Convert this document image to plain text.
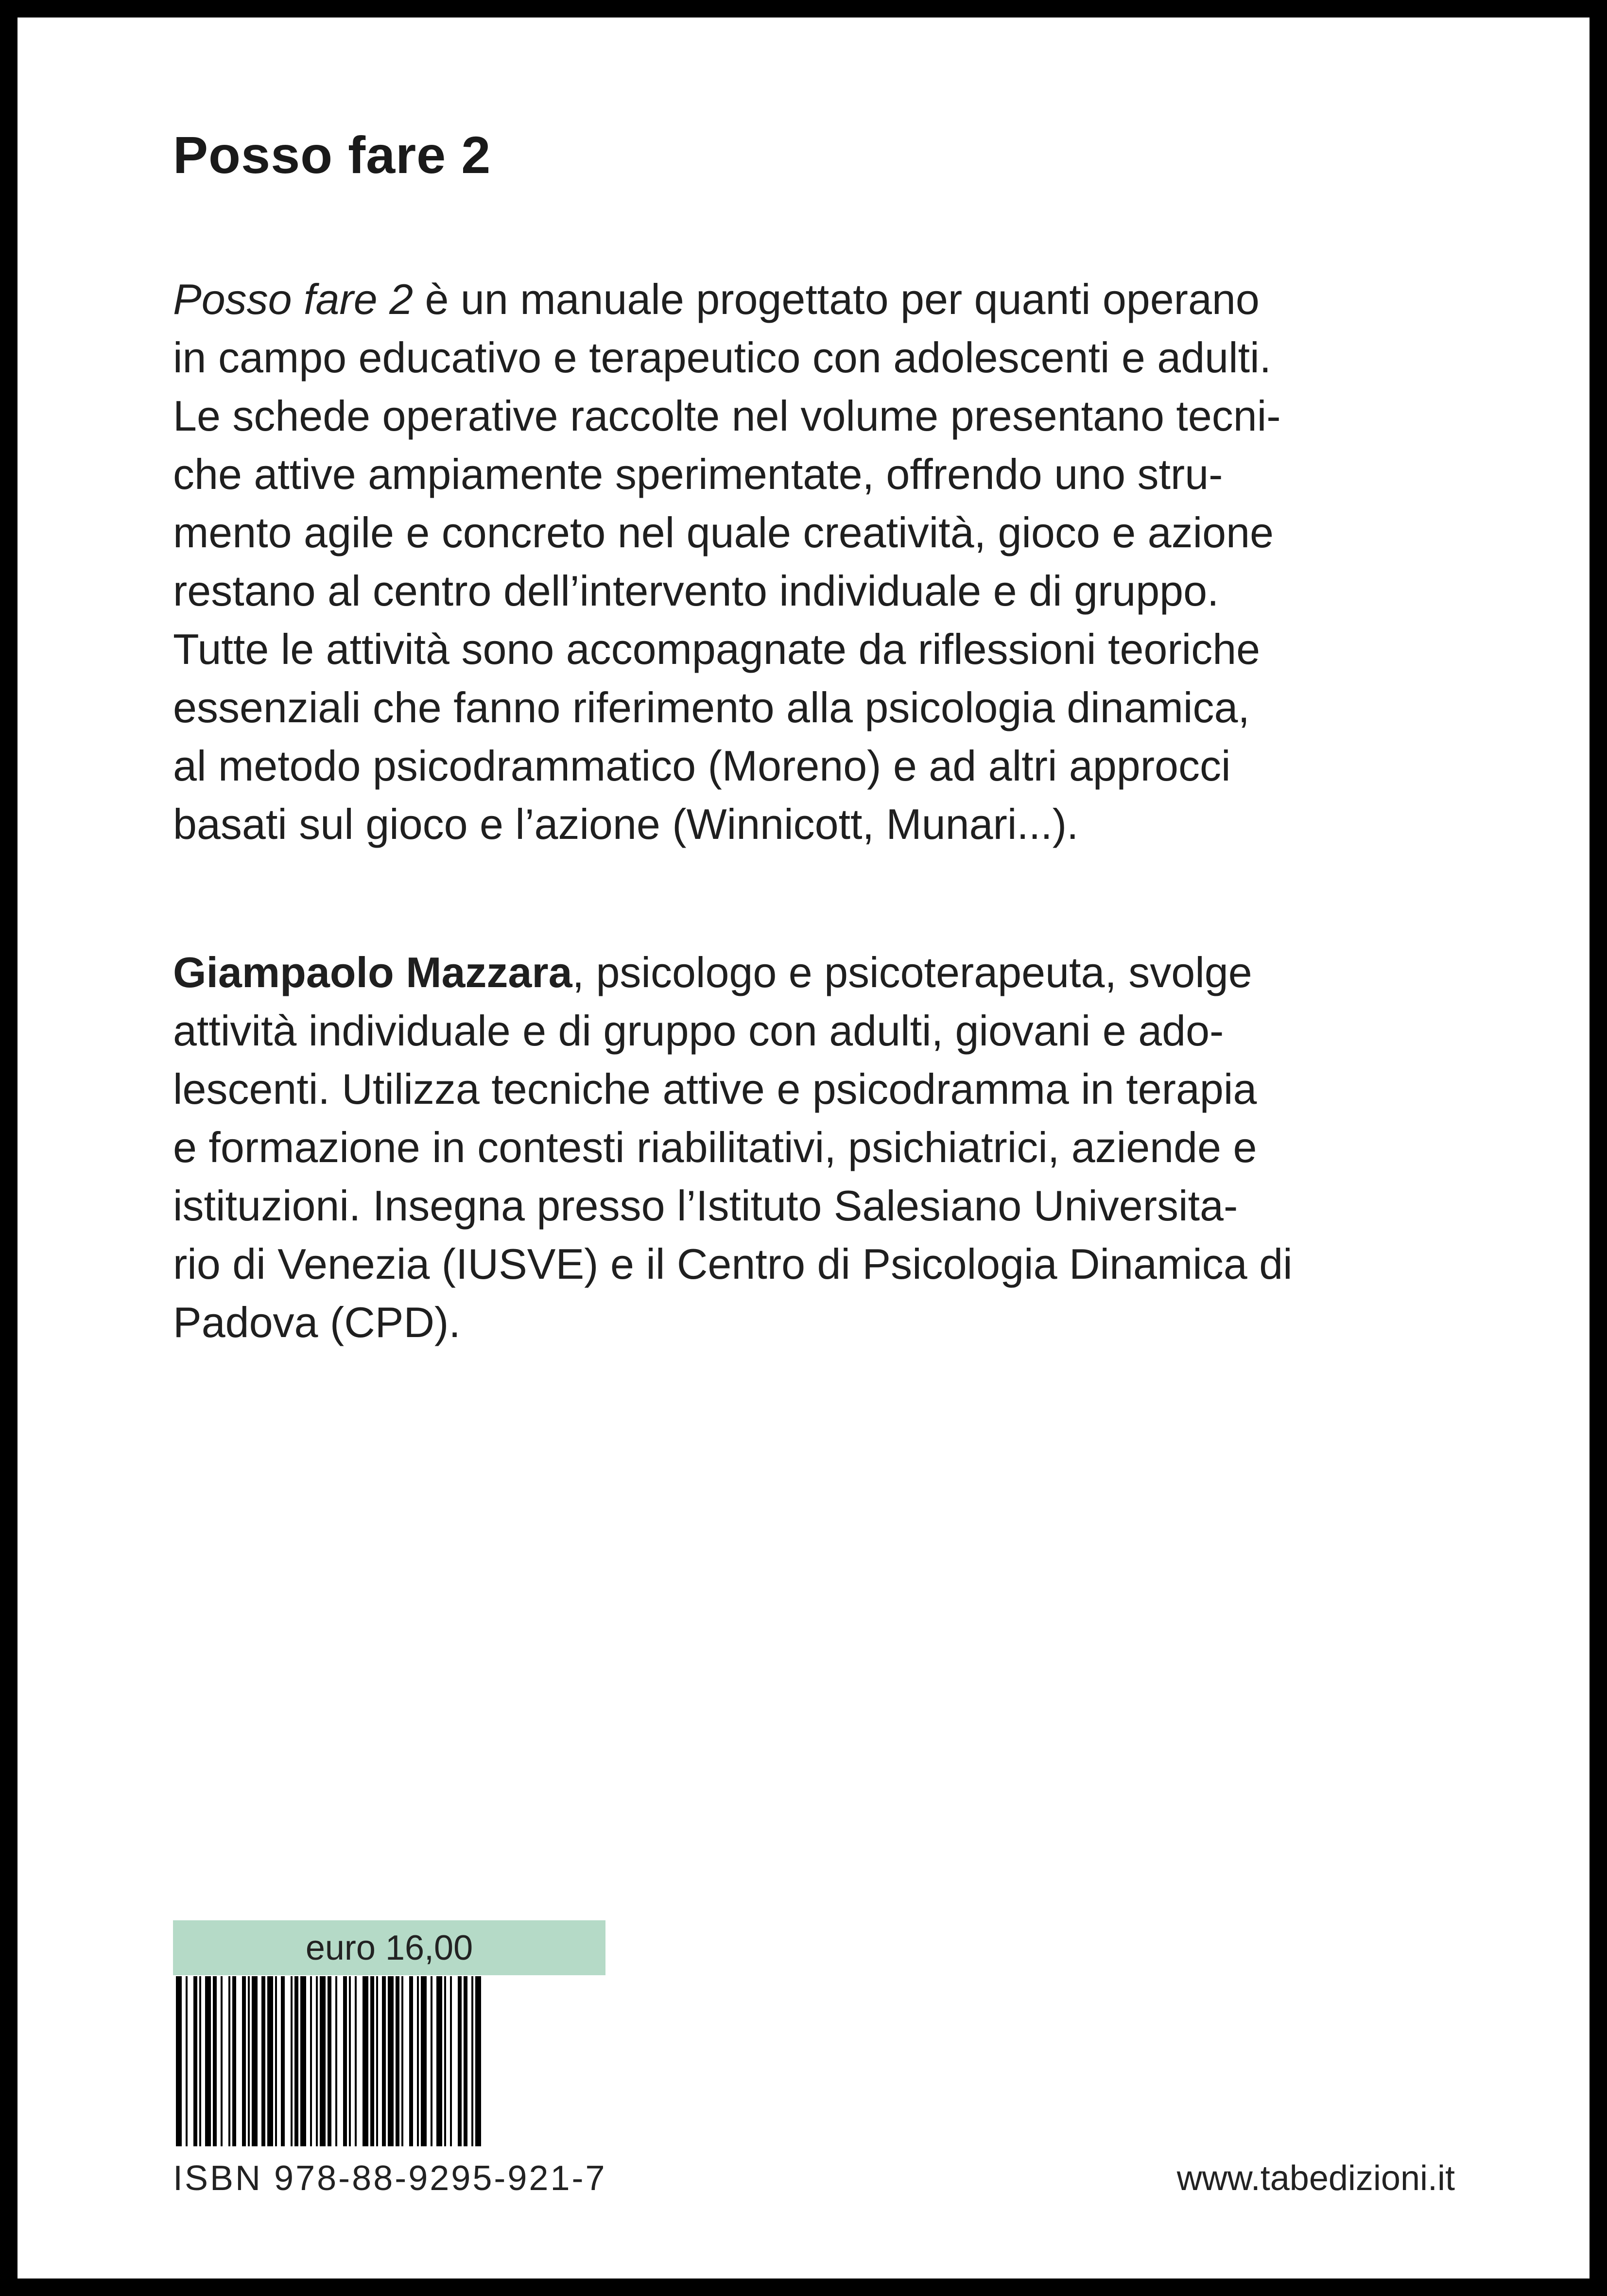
Posso fare 2

Posso fare 2 è un manuale progettato per quanti operano
in campo educativo e terapeutico con adolescenti e adulti.
Le schede operative raccolte nel volume presentano tecni-
che attive ampiamente sperimentate, offrendo uno stru-
mento agile e concreto nel quale creatività, gioco e azione
restano al centro dell’intervento individuale e di gruppo.
Tutte le attività sono accompagnate da riflessioni teoriche
essenziali che fanno riferimento alla psicologia dinamica,
al metodo psicodrammatico (Moreno) e ad altri approcci
basati sul gioco e l’azione (Winnicott, Munari...).

Giampaolo Mazzara, psicologo e psicoterapeuta, svolge
attività individuale e di gruppo con adulti, giovani e ado-
lescenti. Utilizza tecniche attive e psicodramma in terapia
e formazione in contesti riabilitativi, psichiatrici, aziende e
istituzioni. Insegna presso l’Istituto Salesiano Universita-
rio di Venezia (IUSVE) e il Centro di Psicologia Dinamica di
Padova (CPD).

euro 16,00
ISBN 978-88-9295-921-7	www.tabedizioni.it
